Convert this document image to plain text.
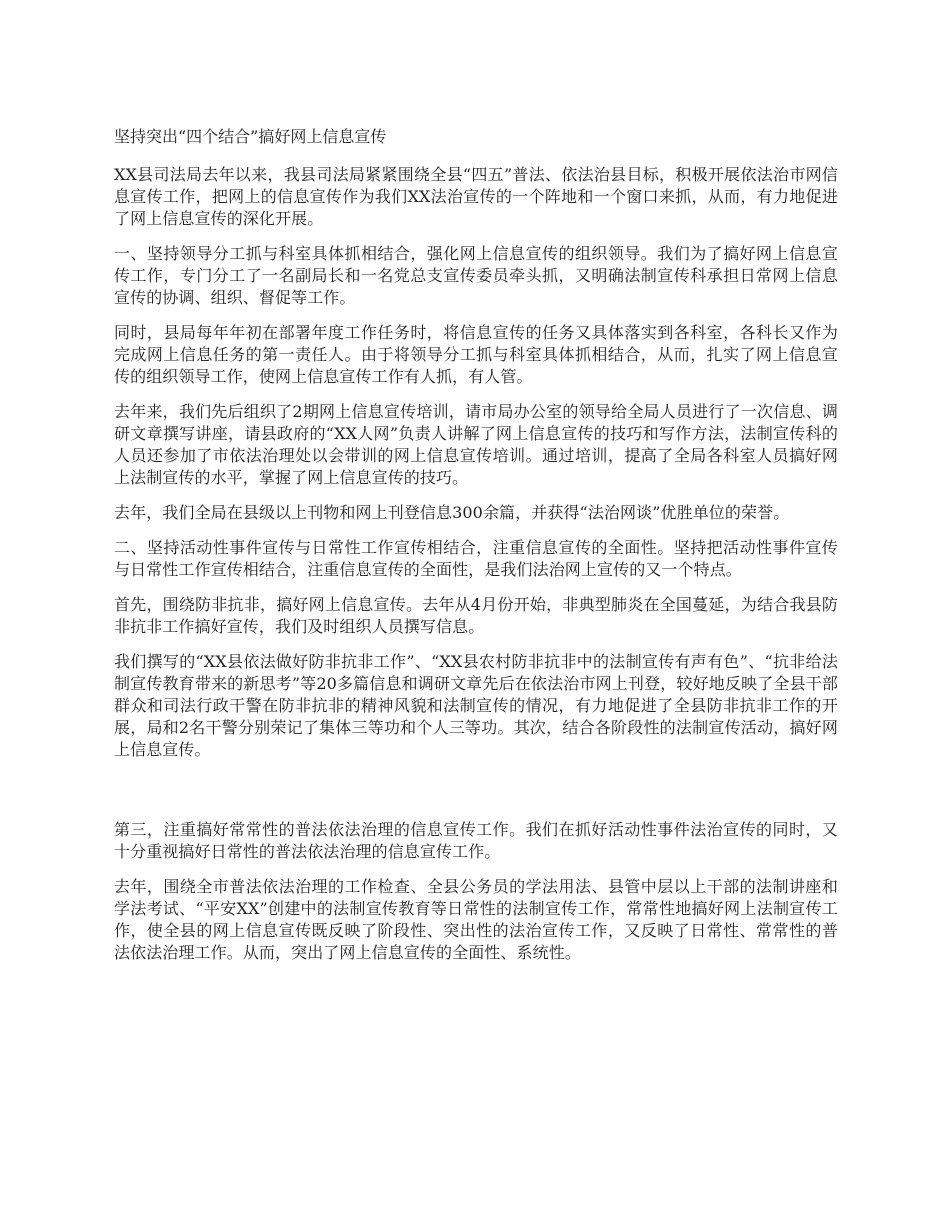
坚持突出“四个结合”搞好网上信息宣传

XX县司法局去年以来，我县司法局紧紧围绕全县“四五”普法、依法治县目标，积极开展依法治市网信息宣传工作，把网上的信息宣传作为我们XX法治宣传的一个阵地和一个窗口来抓，从而，有力地促进了网上信息宣传的深化开展。

一、坚持领导分工抓与科室具体抓相结合，强化网上信息宣传的组织领导。我们为了搞好网上信息宣传工作，专门分工了一名副局长和一名党总支宣传委员牵头抓，又明确法制宣传科承担日常网上信息宣传的协调、组织、督促等工作。

同时，县局每年年初在部署年度工作任务时，将信息宣传的任务又具体落实到各科室，各科长又作为完成网上信息任务的第一责任人。由于将领导分工抓与科室具体抓相结合，从而，扎实了网上信息宣传的组织领导工作，使网上信息宣传工作有人抓，有人管。

去年来，我们先后组织了2期网上信息宣传培训，请市局办公室的领导给全局人员进行了一次信息、调研文章撰写讲座，请县政府的“XX人网”负责人讲解了网上信息宣传的技巧和写作方法，法制宣传科的人员还参加了市依法治理处以会带训的网上信息宣传培训。通过培训，提高了全局各科室人员搞好网上法制宣传的水平，掌握了网上信息宣传的技巧。

去年，我们全局在县级以上刊物和网上刊登信息300余篇，并获得“法治网谈”优胜单位的荣誉。

二、坚持活动性事件宣传与日常性工作宣传相结合，注重信息宣传的全面性。坚持把活动性事件宣传与日常性工作宣传相结合，注重信息宣传的全面性，是我们法治网上宣传的又一个特点。

首先，围绕防非抗非，搞好网上信息宣传。去年从4月份开始，非典型肺炎在全国蔓延，为结合我县防非抗非工作搞好宣传，我们及时组织人员撰写信息。

我们撰写的“XX县依法做好防非抗非工作”、“XX县农村防非抗非中的法制宣传有声有色”、“抗非给法制宣传教育带来的新思考”等20多篇信息和调研文章先后在依法治市网上刊登，较好地反映了全县干部群众和司法行政干警在防非抗非的精神风貌和法制宣传的情况，有力地促进了全县防非抗非工作的开展，局和2名干警分别荣记了集体三等功和个人三等功。其次，结合各阶段性的法制宣传活动，搞好网上信息宣传。

第三，注重搞好常常性的普法依法治理的信息宣传工作。我们在抓好活动性事件法治宣传的同时，又十分重视搞好日常性的普法依法治理的信息宣传工作。

去年，围绕全市普法依法治理的工作检查、全县公务员的学法用法、县管中层以上干部的法制讲座和学法考试、“平安XX”创建中的法制宣传教育等日常性的法制宣传工作，常常性地搞好网上法制宣传工作，使全县的网上信息宣传既反映了阶段性、突出性的法治宣传工作，又反映了日常性、常常性的普法依法治理工作。从而，突出了网上信息宣传的全面性、系统性。
